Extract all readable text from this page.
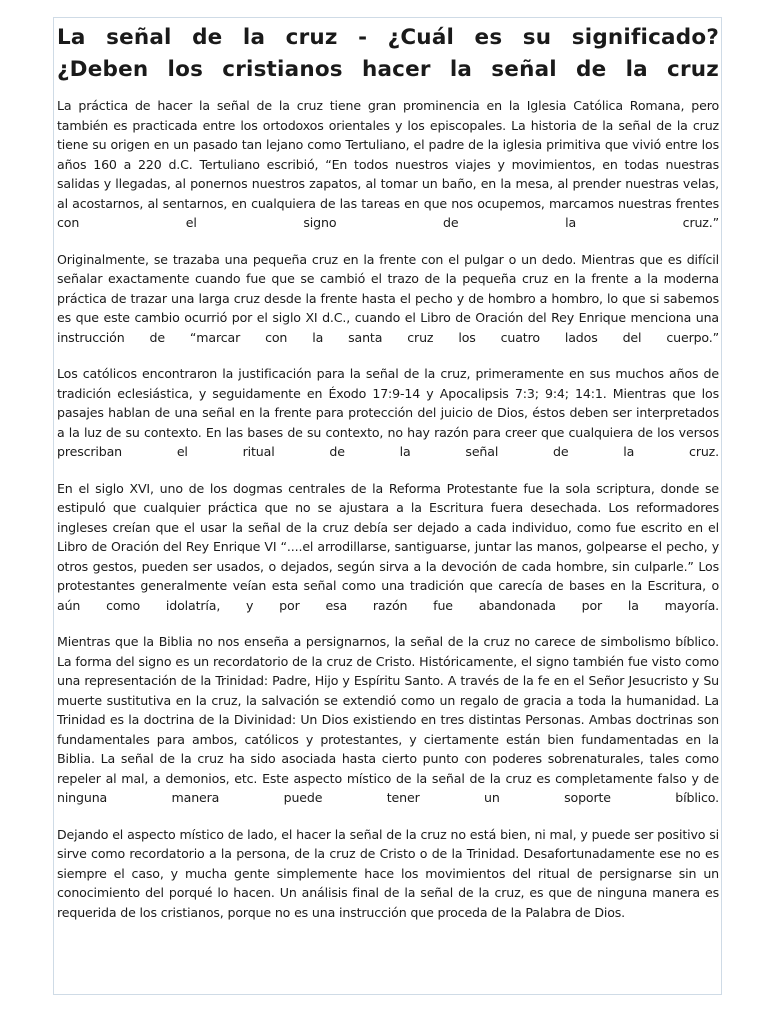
La señal de la cruz - ¿Cuál es su significado?
¿Deben los cristianos hacer la señal de la cruz

La práctica de hacer la señal de la cruz tiene gran prominencia en la Iglesia Católica Romana, pero también es practicada entre los ortodoxos orientales y los episcopales. La historia de la señal de la cruz tiene su origen en un pasado tan lejano como Tertuliano, el padre de la iglesia primitiva que vivió entre los años 160 a 220 d.C. Tertuliano escribió, “En todos nuestros viajes y movimientos, en todas nuestras salidas y llegadas, al ponernos nuestros zapatos, al tomar un baño, en la mesa, al prender nuestras velas, al acostarnos, al sentarnos, en cualquiera de las tareas en que nos ocupemos, marcamos nuestras frentes con el signo de la cruz.”

Originalmente, se trazaba una pequeña cruz en la frente con el pulgar o un dedo. Mientras que es difícil señalar exactamente cuando fue que se cambió el trazo de la pequeña cruz en la frente a la moderna práctica de trazar una larga cruz desde la frente hasta el pecho y de hombro a hombro, lo que si sabemos es que este cambio ocurrió por el siglo XI d.C., cuando el Libro de Oración del Rey Enrique menciona una instrucción de “marcar con la santa cruz los cuatro lados del cuerpo.”

Los católicos encontraron la justificación para la señal de la cruz, primeramente en sus muchos años de tradición eclesiástica, y seguidamente en Éxodo 17:9-14 y Apocalipsis 7:3; 9:4; 14:1. Mientras que los pasajes hablan de una señal en la frente para protección del juicio de Dios, éstos deben ser interpretados a la luz de su contexto. En las bases de su contexto, no hay razón para creer que cualquiera de los versos prescriban el ritual de la señal de la cruz.

En el siglo XVI, uno de los dogmas centrales de la Reforma Protestante fue la sola scriptura, donde se estipuló que cualquier práctica que no se ajustara a la Escritura fuera desechada. Los reformadores ingleses creían que el usar la señal de la cruz debía ser dejado a cada individuo, como fue escrito en el Libro de Oración del Rey Enrique VI “....el arrodillarse, santiguarse, juntar las manos, golpearse el pecho, y otros gestos, pueden ser usados, o dejados, según sirva a la devoción de cada hombre, sin culparle.” Los protestantes generalmente veían esta señal como una tradición que carecía de bases en la Escritura, o aún como idolatría, y por esa razón fue abandonada por la mayoría.

Mientras que la Biblia no nos enseña a persignarnos, la señal de la cruz no carece de simbolismo bíblico. La forma del signo es un recordatorio de la cruz de Cristo. Históricamente, el signo también fue visto como una representación de la Trinidad: Padre, Hijo y Espíritu Santo. A través de la fe en el Señor Jesucristo y Su muerte sustitutiva en la cruz, la salvación se extendió como un regalo de gracia a toda la humanidad. La Trinidad es la doctrina de la Divinidad: Un Dios existiendo en tres distintas Personas. Ambas doctrinas son fundamentales para ambos, católicos y protestantes, y ciertamente están bien fundamentadas en la Biblia. La señal de la cruz ha sido asociada hasta cierto punto con poderes sobrenaturales, tales como repeler al mal, a demonios, etc. Este aspecto místico de la señal de la cruz es completamente falso y de ninguna manera puede tener un soporte bíblico.

Dejando el aspecto místico de lado, el hacer la señal de la cruz no está bien, ni mal, y puede ser positivo si sirve como recordatorio a la persona, de la cruz de Cristo o de la Trinidad. Desafortunadamente ese no es siempre el caso, y mucha gente simplemente hace los movimientos del ritual de persignarse sin un conocimiento del porqué lo hacen. Un análisis final de la señal de la cruz, es que de ninguna manera es requerida de los cristianos, porque no es una instrucción que proceda de la Palabra de Dios.
